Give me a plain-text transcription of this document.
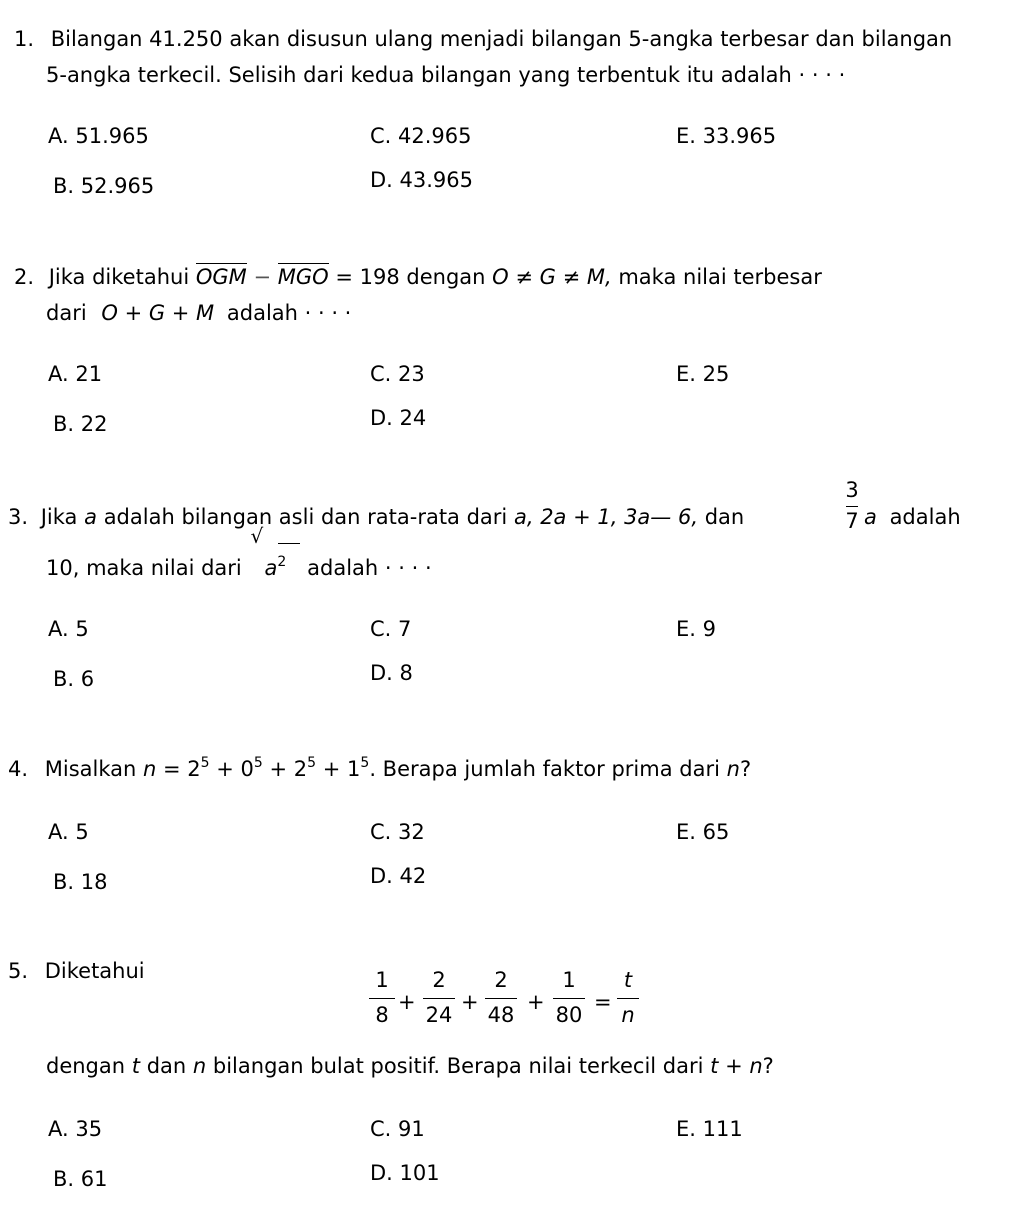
1. Bilangan 41.250 akan disusun ulang menjadi bilangan 5-angka terbesar dan bilangan
5-angka terkecil. Selisih dari kedua bilangan yang terbentuk itu adalah · · · ·
A. 51.965
B. 52.965
C. 42.965
D. 43.965
E. 33.965
2. Jika diketahui OGM − MGO = 198 dengan O ≠ G ≠ M, maka nilai terbesar
dari O + G + M adalah · · · ·
A. 21
B. 22
C. 23
D. 24
E. 25
3. Jika a adalah bilangan asli dan rata-rata dari a, 2a + 1, 3a— 6, dan
3
7 a adalah
10, maka nilai dari
√
$a^2$ adalah · · · ·
A. 5
B. 6
C. 7
D. 8
E. 9
4. Misalkan $n = 2^5 + 0^5 + 2^5 + 1^5$. Berapa jumlah faktor prima dari n?
A. 5
B. 18
C. 32
D. 42
E. 65
5. Diketahui	1
8
+
2
24
+
2
48
+
1
80
=
t
n
dengan t dan n bilangan bulat positif. Berapa nilai terkecil dari t + n?
A. 35
B. 61
C. 91
D. 101
E. 111
